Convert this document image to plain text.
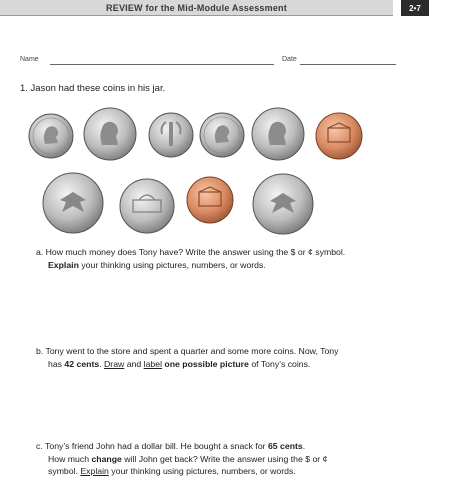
REVIEW for the Mid-Module Assessment	2•7
Name	Date
1. Jason had these coins in his jar.
a. How much money does Tony have? Write the answer using the $ or ¢ symbol.
Explain your thinking using pictures, numbers, or words.
b. Tony went to the store and spent a quarter and some more coins. Now, Tony
has 42 cents. Draw and label one possible picture of Tony’s coins.
c. Tony’s friend John had a dollar bill. He bought a snack for 65 cents.
How much change will John get back? Write the answer using the $ or ¢
symbol. Explain your thinking using pictures, numbers, or words.
